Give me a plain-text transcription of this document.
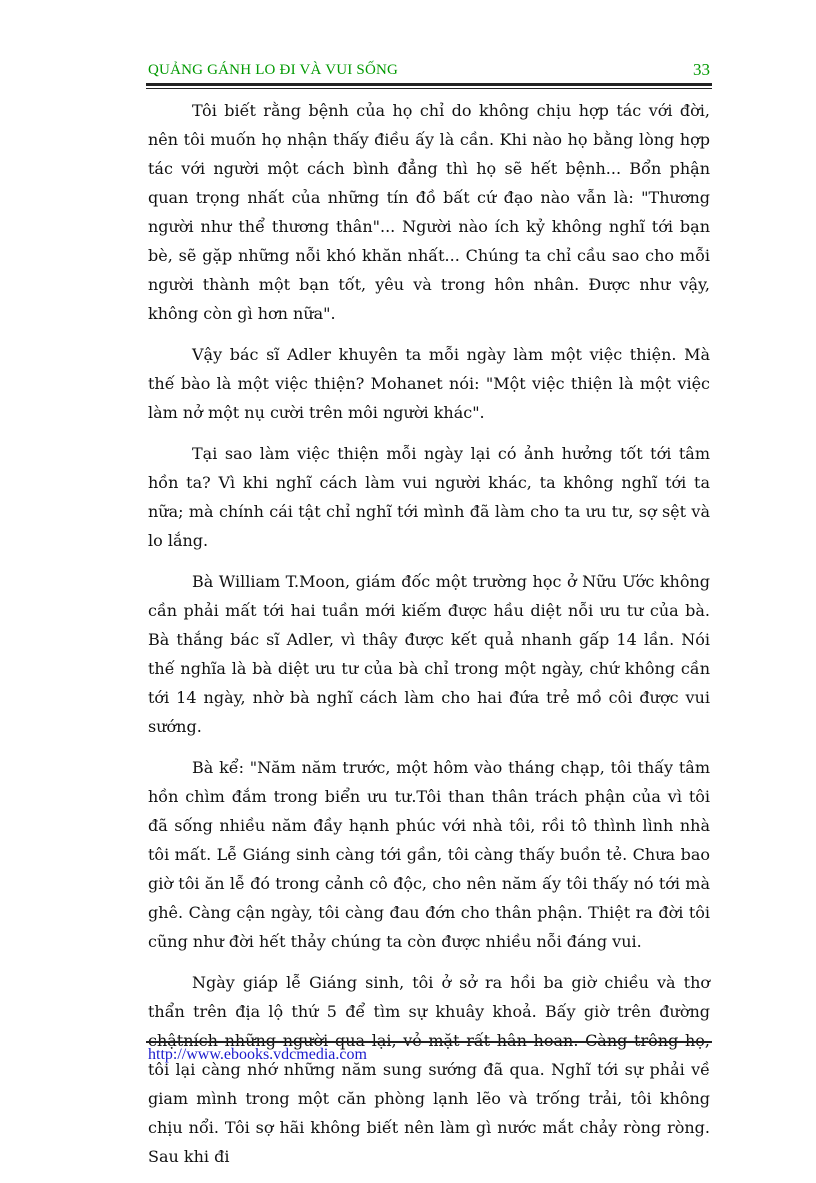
QUẢNG GÁNH LO ĐI VÀ VUI SỐNG	33

Tôi biết rằng bệnh của họ chỉ do không chịu hợp tác với đời, nên tôi muốn họ nhận thấy điều ấy là cần. Khi nào họ bằng lòng hợp tác với người một cách bình đẳng thì họ sẽ hết bệnh... Bổn phận quan trọng nhất của những tín đồ bất cứ đạo nào vẫn là: "Thương người như thể thương thân"... Người nào ích kỷ không nghĩ tới bạn bè, sẽ gặp những nỗi khó khăn nhất... Chúng ta chỉ cầu sao cho mỗi người thành một bạn tốt, yêu và trong hôn nhân. Được như vậy, không còn gì hơn nữa".

Vậy bác sĩ Adler khuyên ta mỗi ngày làm một việc thiện. Mà thế bào là một việc thiện? Mohanet nói: "Một việc thiện là một việc làm nở một nụ cười trên môi người khác".

Tại sao làm việc thiện mỗi ngày lại có ảnh hưởng tốt tới tâm hồn ta? Vì khi nghĩ cách làm vui người khác, ta không nghĩ tới ta nữa; mà chính cái tật chỉ nghĩ tới mình đã làm cho ta ưu tư, sợ sệt và lo lắng.

Bà William T.Moon, giám đốc một trường học ở Nữu Ước không cần phải mất tới hai tuần mới kiếm được hầu diệt nỗi ưu tư của bà. Bà thắng bác sĩ Adler, vì thây được kết quả nhanh gấp 14 lần. Nói thế nghĩa là bà diệt ưu tư của bà chỉ trong một ngày, chứ không cần tới 14 ngày, nhờ bà nghĩ cách làm cho hai đứa trẻ mồ côi được vui sướng.

Bà kể: "Năm năm trước, một hôm vào tháng chạp, tôi thấy tâm hồn chìm đắm trong biển ưu tư.Tôi than thân trách phận của vì tôi đã sống nhiều năm đầy hạnh phúc với nhà tôi, rồi tô thình lình nhà tôi mất. Lễ Giáng sinh càng tới gần, tôi càng thấy buồn tẻ. Chưa bao giờ tôi ăn lễ đó trong cảnh cô độc, cho nên năm ấy tôi thấy nó tới mà ghê. Càng cận ngày, tôi càng đau đớn cho thân phận. Thiệt ra đời tôi cũng như đời hết thảy chúng ta còn được nhiều nỗi đáng vui.

Ngày giáp lễ Giáng sinh, tôi ở sở ra hồi ba giờ chiều và thơ thẩn trên địa lộ thứ 5 để tìm sự khuây khoả. Bấy giờ trên đường chậtních những người qua lại, vẻ mặt rất hân hoan. Càng trông họ, tôi lại càng nhớ những năm sung sướng đã qua. Nghĩ tới sự phải về giam mình trong một căn phòng lạnh lẽo và trống trải, tôi không chịu nổi. Tôi sợ hãi không biết nên làm gì nước mắt chảy ròng ròng. Sau khi đi

http://www.ebooks.vdcmedia.com
